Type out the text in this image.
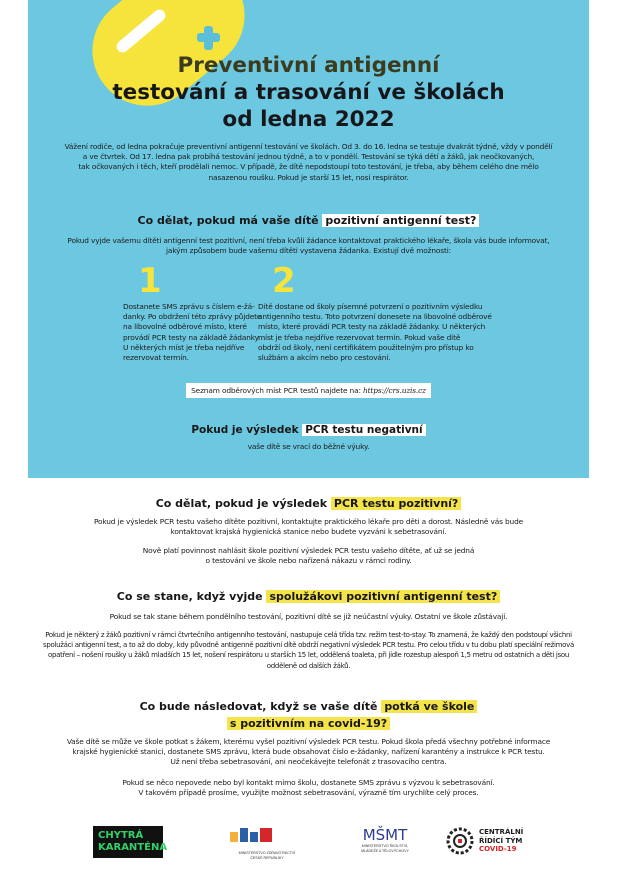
Preventivní antigenní
testování a trasování ve školách
od ledna 2022
Vážení rodiče, od ledna pokračuje preventivní antigenní testování ve školách. Od 3. do 16. ledna se testuje dvakrát týdně, vždy v pondělí
a ve čtvrtek. Od 17. ledna pak probíhá testování jednou týdně, a to v pondělí. Testování se týká dětí a žáků, jak neočkovaných,
tak očkovaných i těch, kteří prodělali nemoc. V případě, že dítě nepodstoupí toto testování, je třeba, aby během celého dne mělo
nasazenou roušku. Pokud je starší 15 let, nosí respirátor.
Co dělat, pokud má vaše dítě pozitivní antigenní test?
Pokud vyjde vašemu dítěti antigenní test pozitivní, není třeba kvůli žádance kontaktovat praktického lékaře, škola vás bude informovat,
jakým způsobem bude vašemu dítěti vystavena žádanka. Existují dvě možnosti:
1
Dostanete SMS zprávu s číslem e-žá-
danky. Po obdržení této zprávy půjdete
na libovolné odběrové místo, které
provádí PCR testy na základě žádanky.
U některých míst je třeba nejdříve
rezervovat termín.
2
Dítě dostane od školy písemné potvrzení o pozitivním výsledku
antigenního testu. Toto potvrzení donesete na libovolné odběrové
místo, které provádí PCR testy na základě žádanky. U některých
míst je třeba nejdříve rezervovat termín. Pokud vaše dítě
obdrží od školy, není certifikátem použitelným pro přístup ko
službám a akcím nebo pro cestování.
Seznam odběrových míst PCR testů najdete na: https://crs.uzis.cz
Pokud je výsledek PCR testu negativní
vaše dítě se vrací do běžné výuky.
Co dělat, pokud je výsledek PCR testu pozitivní?
Pokud je výsledek PCR testu vašeho dítěte pozitivní, kontaktujte praktického lékaře pro děti a dorost. Následně vás bude
kontaktovat krajská hygienická stanice nebo budete vyzváni k sebetrasování.
Nově platí povinnost nahlásit škole pozitivní výsledek PCR testu vašeho dítěte, ať už se jedná
o testování ve škole nebo nařízená nákazu v rámci rodiny.
Co se stane, když vyjde spolužákovi pozitivní antigenní test?
Pokud se tak stane během pondělního testování, pozitivní dítě se již neúčastní výuky. Ostatní ve škole zůstávají.
Pokud je některý z žáků pozitivní v rámci čtvrtečního antigenního testování, nastupuje celá třída tzv. režim test-to-stay. To znamená, že každý den podstoupí všichni
spolužáci antigenní test, a to až do doby, kdy původně antigenně pozitivní dítě obdrží negativní výsledek PCR testu. Pro celou třídu v tu dobu platí speciální režimová
opatření – nošení roušky u žáků mladších 15 let, nošení respirátoru u starších 15 let, oddělená toaleta, při jídle rozestup alespoň 1,5 metru od ostatních a děti jsou
odděleně od dalších žáků.
Co bude následovat, když se vaše dítě potká ve škole
s pozitivním na covid-19?
Vaše dítě se může ve škole potkat s žákem, kterému vyšel pozitivní výsledek PCR testu. Pokud škola předá všechny potřebné informace
krajské hygienické stanici, dostanete SMS zprávu, která bude obsahovat číslo e-žádanky, nařízení karantény a instrukce k PCR testu.
Už není třeba sebetrasování, ani neočekávejte telefonát z trasovacího centra.
Pokud se něco nepovede nebo byl kontakt mimo školu, dostanete SMS zprávu s výzvou k sebetrasování.
V takovém případě prosíme, využijte možnost sebetrasování, výrazně tím urychlíte celý proces.
CHYTRÁ
KARANTÉNA	MINISTERSTVO ZDRAVOTNICTVÍ
ČESKÉ REPUBLIKY
MŠMT
MINISTERSTVO ŠKOLSTVÍ,
MLÁDEŽE A TĚLOVÝCHOVY
CENTRÁLNÍ
ŘÍDÍCÍ TÝM
COVID-19
